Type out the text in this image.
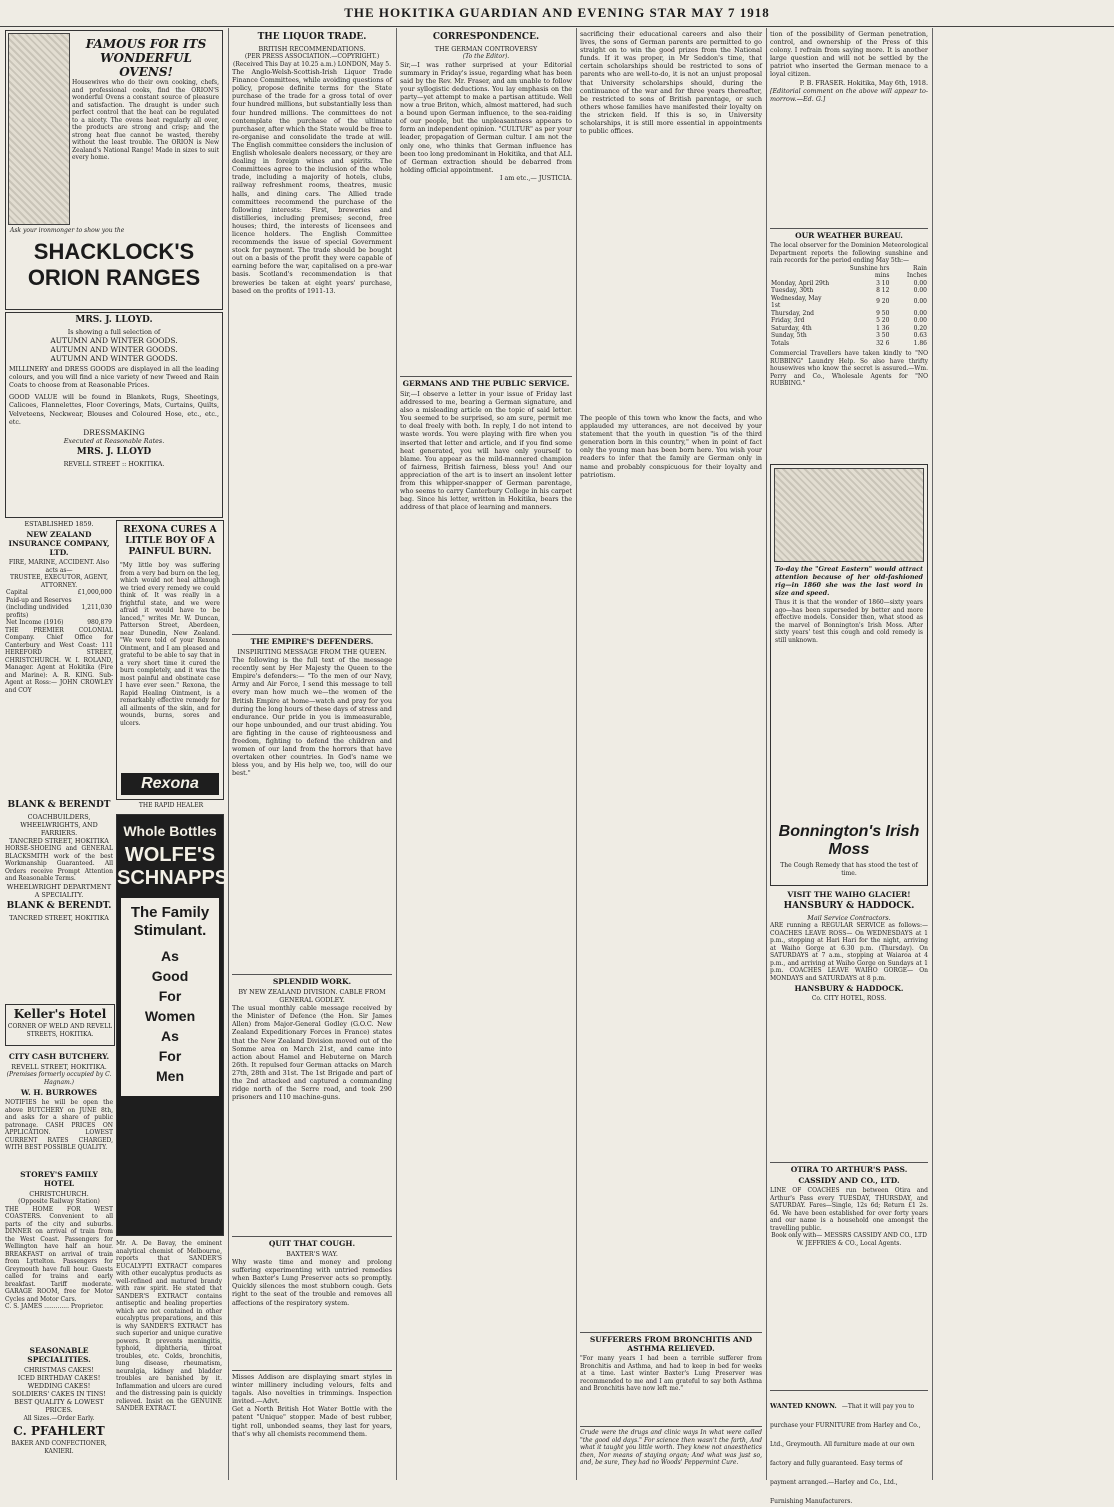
THE HOKITIKA GUARDIAN AND EVENING STAR MAY 7 1918
FAMOUS FOR ITS WONDERFUL OVENS!

Housewives who do their own cooking, chefs, and professional cooks, find the ORION'S wonderful Ovens a constant source of pleasure and satisfaction. The draught is under such perfect control that the heat can be regulated to a nicety. The ovens heat regularly all over, the products are strong and crisp; and the strong heat flue cannot be wasted, thereby without the least trouble. The ORION is New Zealand's National Range! Made in sizes to suit every home.

Ask your ironmonger to show you the

SHACKLOCK'S ORION RANGES
MRS. J. LLOYD.
Is showing a full selection of
AUTUMN AND WINTER GOODS.
AUTUMN AND WINTER GOODS.
AUTUMN AND WINTER GOODS.

MILLINERY and DRESS GOODS are displayed in all the leading colours, and you will find a nice variety of new Tweed and Rain Coats to choose from at Reasonable Prices.

GOOD VALUE will be found in Blankets, Rugs, Sheetings, Calicoes, Flannelettes, Floor Coverings, Mats, Curtains, Quilts, Velveteens, Neckwear, Blouses and Coloured Hose, etc., etc., etc.

DRESSMAKING
Executed at Reasonable Rates.
MRS. J. LLOYD
REVELL STREET :: HOKITIKA.
ESTABLISHED 1859.
NEW ZEALAND INSURANCE COMPANY, LTD.
FIRE, MARINE, ACCIDENT. Also acts as—
TRUSTEE, EXECUTOR, AGENT, ATTORNEY.
Capital	£1,000,000
Paid-up and Reserves (including undivided profits)	1,211,030
Net Income (1916)	980,879

THE PREMIER COLONIAL Company. Chief Office for Canterbury and West Coast: 111 HEREFORD STREET, CHRISTCHURCH. W. I. ROLAND, Manager. Agent at Hokitika (Fire and Marine): A. R. KING. Sub-Agent at Ross:— JOHN CROWLEY and COY

BLANK & BERENDT
COACHBUILDERS, WHEELWRIGHTS, AND FARRIERS.
TANCRED STREET, HOKITIKA

HORSE-SHOEING and GENERAL BLACKSMITH work of the best Workmanship Guaranteed. All Orders receive Prompt Attention and Reasonable Terms.

WHEELWRIGHT DEPARTMENT A SPECIALITY.
BLANK & BERENDT.
TANCRED STREET, HOKITIKA
Keller's Hotel
CORNER OF WELD AND REVELL STREETS, HOKITIKA.
CITY CASH BUTCHERY.
REVELL STREET, HOKITIKA.
(Premises formerly occupied by C. Hagnam.)
W. H. BURROWES

NOTIFIES he will be open the above BUTCHERY on JUNE 8th, and asks for a share of public patronage. CASH PRICES ON APPLICATION. LOWEST CURRENT RATES CHARGED, WITH BEST POSSIBLE QUALITY.

STOREY'S FAMILY HOTEL
CHRISTCHURCH.
(Opposite Railway Station)

THE HOME FOR WEST COASTERS. Convenient to all parts of the city and suburbs. DINNER on arrival of train from the West Coast. Passengers for Wellington have half an hour. BREAKFAST on arrival of train from Lyttelton. Passengers for Greymouth have full hour. Guests called for trains and early breakfast. Tariff moderate. GARAGE ROOM, free for Motor Cycles and Motor Cars.

C. S. JAMES ............. Proprietor.
SEASONABLE SPECIALITIES.
CHRISTMAS CAKES!
ICED BIRTHDAY CAKES!
WEDDING CAKES!
SOLDIERS' CAKES IN TINS!
BEST QUALITY & LOWEST PRICES.
All Sizes.—Order Early.
C. PFAHLERT
BAKER AND CONFECTIONER, KANIERI.
REXONA CURES A LITTLE BOY OF A PAINFUL BURN.

"My little boy was suffering from a very bad burn on the leg, which would not heal although we tried every remedy we could think of. It was really in a frightful state, and we were afraid it would have to be lanced," writes Mr. W. Duncan, Patterson Street, Aberdeen, near Dunedin, New Zealand. "We were told of your Rexona Ointment, and I am pleased and grateful to be able to say that in a very short time it cured the burn completely, and it was the most painful and obstinate case I have ever seen." Rexona, the Rapid Healing Ointment, is a remarkably effective remedy for all ailments of the skin, and for wounds, burns, sores and ulcers.

Rexona
THE RAPID HEALER
Whole Bottles
WOLFE'S SCHNAPPS
The Family Stimulant.
As
Good
For
Women
As
For
Men

Mr. A. De Bavay, the eminent analytical chemist of Melbourne, reports that SANDER'S EUCALYPTI EXTRACT compares with other eucalyptus products as well-refined and matured brandy with raw spirit. He stated that SANDER'S EXTRACT contains antiseptic and healing properties which are not contained in other eucalyptus preparations, and this is why SANDER'S EXTRACT has such superior and unique curative powers. It prevents meningitis, typhoid, diphtheria, throat troubles, etc. Colds, bronchitis, lung disease, rheumatism, neuralgia, kidney and bladder troubles are banished by it. Inflammation and ulcers are cured and the distressing pain is quickly relieved. Insist on the GENUINE SANDER EXTRACT.

THE LIQUOR TRADE.
BRITISH RECOMMENDATIONS.
(PER PRESS ASSOCIATION.—COPYRIGHT.)
(Received This Day at 10.25 a.m.) LONDON, May 5.

The Anglo-Welsh-Scottish-Irish Liquor Trade Finance Committees, while avoiding questions of policy, propose definite terms for the State purchase of the trade for a gross total of over four hundred millions, but substantially less than four hundred millions. The committees do not contemplate the purchase of the ultimate purchaser, after which the State would be free to re-organise and consolidate the trade at will. The English committee considers the inclusion of English wholesale dealers necessary, or they are dealing in foreign wines and spirits. The Committees agree to the inclusion of the whole trade, including a majority of hotels, clubs, railway refreshment rooms, theatres, music halls, and dining cars. The Allied trade committees recommend the purchase of the following interests: First, breweries and distilleries, including premises; second, free houses; third, the interests of licensees and licence holders. The English Committee recommends the issue of special Government stock for payment. The trade should be bought out on a basis of the profit they were capable of earning before the war, capitalised on a pre-war basis. Scotland's recommendation is that breweries be taken at eight years' purchase, based on the profits of 1911-13.

THE EMPIRE'S DEFENDERS.
INSPIRITING MESSAGE FROM THE QUEEN.

The following is the full text of the message recently sent by Her Majesty the Queen to the Empire's defenders:— "To the men of our Navy, Army and Air Force, I send this message to tell every man how much we—the women of the British Empire at home—watch and pray for you during the long hours of these days of stress and endurance. Our pride in you is immeasurable, our hope unbounded, and our trust abiding. You are fighting in the cause of righteousness and freedom, fighting to defend the children and women of our land from the horrors that have overtaken other countries. In God's name we bless you, and by His help we, too, will do our best."

SPLENDID WORK.
BY NEW ZEALAND DIVISION. CABLE FROM GENERAL GODLEY.

The usual monthly cable message received by the Minister of Defence (the Hon. Sir James Allen) from Major-General Godley (G.O.C. New Zealand Expeditionary Forces in France) states that the New Zealand Division moved out of the Somme area on March 21st, and came into action about Hamel and Hebuterne on March 26th. It repulsed four German attacks on March 27th, 28th and 31st. The 1st Brigade and part of the 2nd attacked and captured a commanding ridge north of the Serre road, and took 290 prisoners and 110 machine-guns.

QUIT THAT COUGH.
BAXTER'S WAY.

Why waste time and money and prolong suffering experimenting with untried remedies when Baxter's Lung Preserver acts so promptly. Quickly silences the most stubborn cough. Gets right to the seat of the trouble and removes all affections of the respiratory system.

Misses Addison are displaying smart styles in winter millinery including velours, felts and tagals. Also novelties in trimmings. Inspection invited.—Advt.

Get a North British Hot Water Bottle with the patent "Unique" stopper. Made of best rubber, tight roll, unbonded seams, they last for years, that's why all chemists recommend them.

CORRESPONDENCE.
THE GERMAN CONTROVERSY
(To the Editor).

Sir,—I was rather surprised at your Editorial summary in Friday's issue, regarding what has been said by the Rev. Mr. Fraser, and am unable to follow your syllogistic deductions. You lay emphasis on the party—yet attempt to make a partisan attitude. Well now a true Briton, which, almost mattered, had such a bound upon German influence, to the sea-raiding of our people, but the unpleasantness appears to form an independent opinion. "CULTUR" as per your leader, propagation of German cultur. I am not the only one, who thinks that German influence has been too long predominant in Hokitika, and that ALL of German extraction should be debarred from holding official appointment.

I am etc.,— JUSTICIA.
GERMANS AND THE PUBLIC SERVICE.

Sir,—I observe a letter in your issue of Friday last addressed to me, bearing a German signature, and also a misleading article on the topic of said letter. You seemed to be surprised, so am sure, permit me to deal freely with both. In reply, I do not intend to waste words. You were playing with fire when you inserted that letter and article, and if you find some heat generated, you will have only yourself to blame. You appear as the mild-mannered champion of fairness, British fairness, bless you! And our appreciation of the art is to insert an insolent letter from this whipper-snapper of German parentage, who seems to carry Canterbury College in his carpet bag. Since his letter, written in Hokitika, bears the address of that place of learning and manners.

sacrificing their educational careers and also their lives, the sons of German parents are permitted to go straight on to win the good prizes from the National funds. If it was proper, in Mr Seddon's time, that certain scholarships should be restricted to sons of parents who are well-to-do, it is not an unjust proposal that University scholarships should, during the continuance of the war and for three years thereafter, be restricted to sons of British parentage, or such others whose families have manifested their loyalty on the stricken field. If this is so, in University scholarships, it is still more essential in appointments to public offices.

The people of this town who know the facts, and who applauded my utterances, are not deceived by your statement that the youth in question "is of the third generation born in this country," when in point of fact only the young man has been born here. You wish your readers to infer that the family are German only in name and probably conspicuous for their loyalty and patriotism.

SUFFERERS FROM BRONCHITIS AND ASTHMA RELIEVED.

"For many years I had been a terrible sufferer from Bronchitis and Asthma, and had to keep in bed for weeks at a time. Last winter Baxter's Lung Preserver was recommended to me and I am grateful to say both Asthma and Bronchitis have now left me."

Crude were the drugs and clinic ways In what were called "the good old days." For science then wasn't the farth, And what it taught you little worth. They knew not anaesthetics then, Nor means of staying organ; And what was just so, and, be sure, They had no Woods' Peppermint Cure.

tion of the possibility of German penetration, control, and ownership of the Press of this colony. I refrain from saying more. It is another large question and will not be settled by the patriot who inserted the German menace to a loyal citizen.

P. B. FRASER. Hokitika, May 6th, 1918.
[Editorial comment on the above will appear to-morrow.—Ed. G.]
OUR WEATHER BUREAU.

The local observer for the Dominion Meteorological Department reports the following sunshine and rain records for the period ending May 5th:—

	Sunshine hrs mins	Rain Inches
Monday, April 29th	3 10	0.00
Tuesday, 30th	8 12	0.00
Wednesday, May 1st	9 20	0.00
Thursday, 2nd	9 50	0.00
Friday, 3rd	5 20	0.00
Saturday, 4th	1 36	0.20
Sunday, 5th	3 50	0.63
Totals	32 6	1.86

Commercial Travellers have taken kindly to "NO RUBBING" Laundry Help. So also have thrifty housewives who know the secret is assured.—Wm. Perry and Co., Wholesale Agents for "NO RUBBING."

To-day the "Great Eastern" would attract attention because of her old-fashioned rig—in 1860 she was the last word in size and speed.

Thus it is that the wonder of 1860—sixty years ago—has been superseded by better and more effective models. Consider then, what stood as the marvel of Bonnington's Irish Moss. After sixty years' test this cough and cold remedy is still unknown.

Bonnington's Irish Moss
The Cough Remedy that has stood the test of time.
VISIT THE WAIHO GLACIER!
HANSBURY & HADDOCK.
Mail Service Contractors.

ARE running a REGULAR SERVICE as follows:— COACHES LEAVE ROSS— On WEDNESDAYS at 1 p.m., stopping at Hari Hari for the night, arriving at Waiho Gorge at 6.30 p.m. (Thursday). On SATURDAYS at 7 a.m., stopping at Waiaroa at 4 p.m., and arriving at Waiho Gorge on Sundays at 1 p.m. COACHES LEAVE WAIHO GORGE— On MONDAYS and SATURDAYS at 8 p.m.

HANSBURY & HADDOCK.
Co. CITY HOTEL, ROSS.
OTIRA TO ARTHUR'S PASS.
CASSIDY AND CO., LTD.

LINE OF COACHES run between Otira and Arthur's Pass every TUESDAY, THURSDAY, and SATURDAY. Fares—Single, 12s 6d; Return £1 2s. 6d. We have been established for over forty years and our name is a household one amongst the travelling public.

Book only with— MESSRS CASSIDY AND CO., LTD W. JEFFRIES & CO., Local Agents.
WANTED KNOWN. —That it will pay you to purchase your FURNITURE from Harley and Co., Ltd., Greymouth. All furniture made at our own factory and fully guaranteed. Easy terms of payment arranged.—Harley and Co., Ltd., Furnishing Manufacturers.
